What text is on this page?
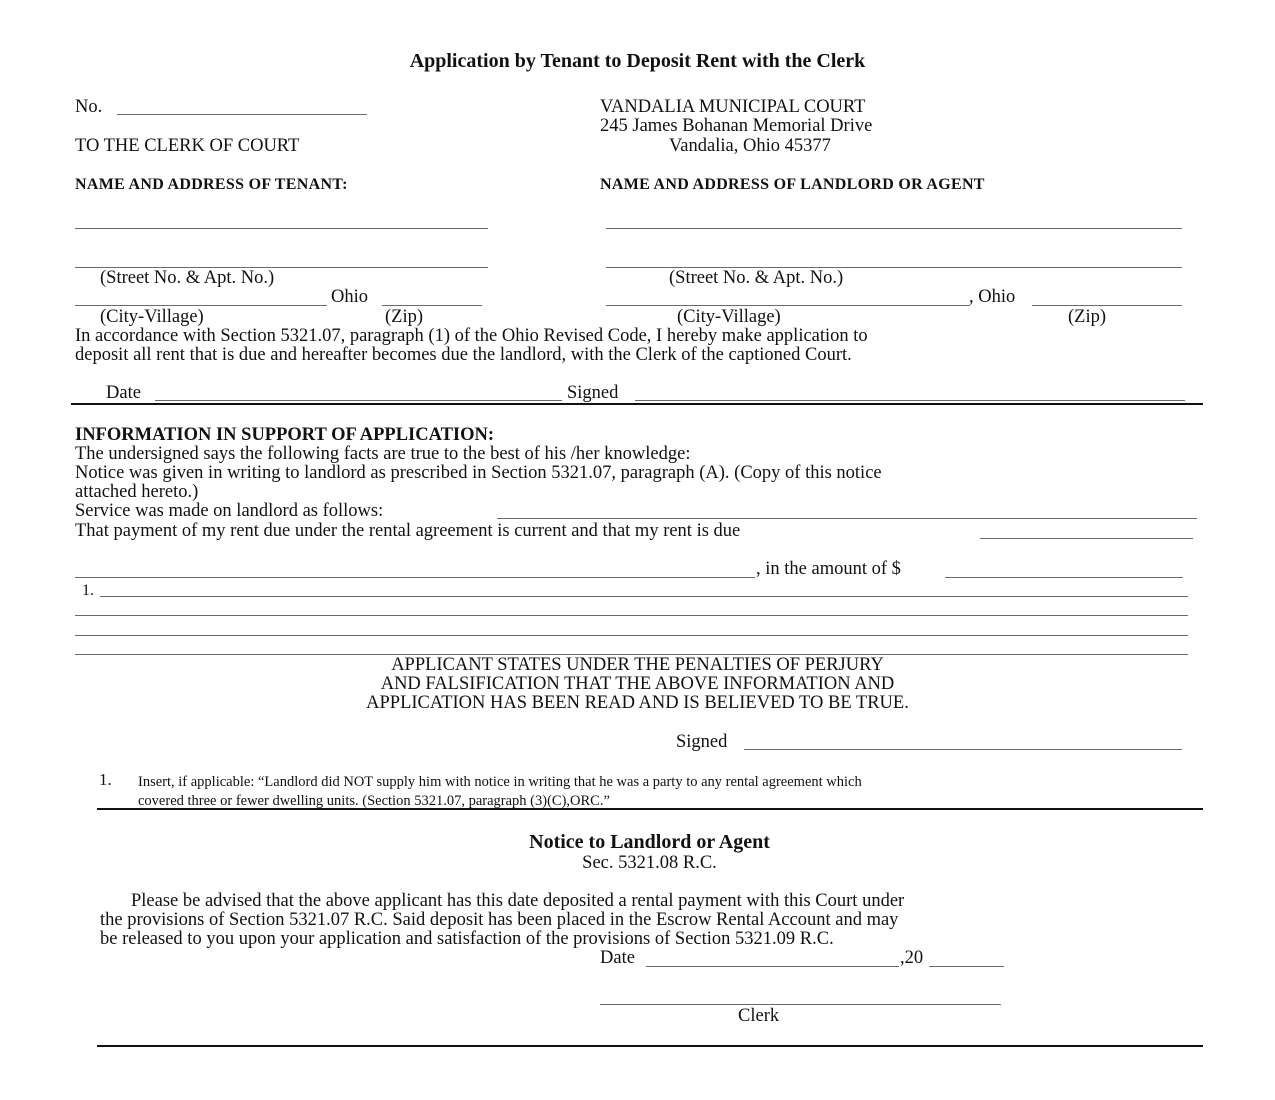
Application by Tenant to Deposit Rent with the Clerk
No.	VANDALIA MUNICIPAL COURT
245 James Bohanan Memorial Drive
Vandalia, Ohio 45377
TO THE CLERK OF COURT
NAME AND ADDRESS OF TENANT:	NAME AND ADDRESS OF LANDLORD OR AGENT
(Street No. & Apt. No.)
Ohio
(City-Village)	(Zip)
(Street No. & Apt. No.)
, Ohio
(City-Village)	(Zip)
In accordance with Section 5321.07, paragraph (1) of the Ohio Revised Code, I hereby make application to
deposit all rent that is due and hereafter becomes due the landlord, with the Clerk of the captioned Court.
Date	Signed
INFORMATION IN SUPPORT OF APPLICATION:
The undersigned says the following facts are true to the best of his /her knowledge:
Notice was given in writing to landlord as prescribed in Section 5321.07, paragraph (A). (Copy of this notice
attached hereto.)
Service was made on landlord as follows:
That payment of my rent due under the rental agreement is current and that my rent is due
, in the amount of $
1.
APPLICANT STATES UNDER THE PENALTIES OF PERJURY
AND FALSIFICATION THAT THE ABOVE INFORMATION AND
APPLICATION HAS BEEN READ AND IS BELIEVED TO BE TRUE.
Signed
1. Insert, if applicable: “Landlord did NOT supply him with notice in writing that he was a party to any rental agreement which
covered three or fewer dwelling units. (Section 5321.07, paragraph (3)(C),ORC.”
Notice to Landlord or Agent
Sec. 5321.08 R.C.
Please be advised that the above applicant has this date deposited a rental payment with this Court under
the provisions of Section 5321.07 R.C. Said deposit has been placed in the Escrow Rental Account and may
be released to you upon your application and satisfaction of the provisions of Section 5321.09 R.C.
Date	,20
Clerk
